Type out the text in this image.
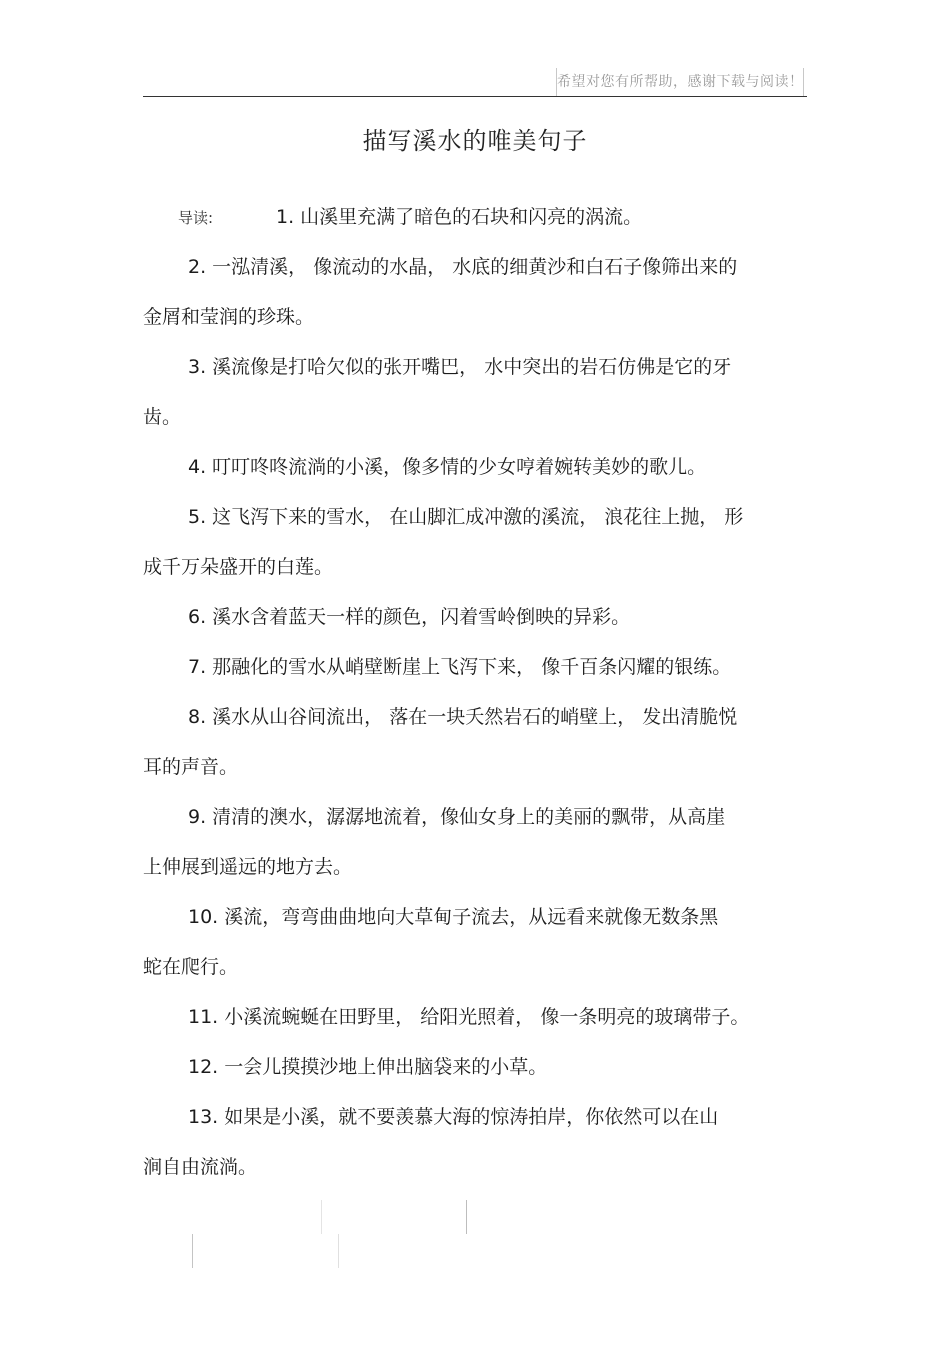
希望对您有所帮助，感谢下载与阅读！
描写溪水的唯美句子
导读:	1. 山溪里充满了暗色的石块和闪亮的涡流。
2. 一泓清溪， 像流动的水晶， 水底的细黄沙和白石子像筛出来的
金屑和莹润的珍珠。
3. 溪流像是打哈欠似的张开嘴巴， 水中突出的岩石仿佛是它的牙
齿。
4. 叮叮咚咚流淌的小溪，像多情的少女哼着婉转美妙的歌儿。
5. 这飞泻下来的雪水， 在山脚汇成冲激的溪流， 浪花往上抛， 形
成千万朵盛开的白莲。
6. 溪水含着蓝天一样的颜色，闪着雪岭倒映的异彩。
7. 那融化的雪水从峭壁断崖上飞泻下来， 像千百条闪耀的银练。
8. 溪水从山谷间流出， 落在一块夭然岩石的峭壁上， 发出清脆悦
耳的声音。
9. 清清的澳水，潺潺地流着，像仙女身上的美丽的飘带，从高崖
上伸展到遥远的地方去。
10. 溪流，弯弯曲曲地向大草甸子流去，从远看来就像无数条黑
蛇在爬行。
11. 小溪流蜿蜒在田野里， 给阳光照着， 像一条明亮的玻璃带子。
12. 一会儿摸摸沙地上伸出脑袋来的小草。
13. 如果是小溪，就不要羡慕大海的惊涛拍岸，你依然可以在山
涧自由流淌。
